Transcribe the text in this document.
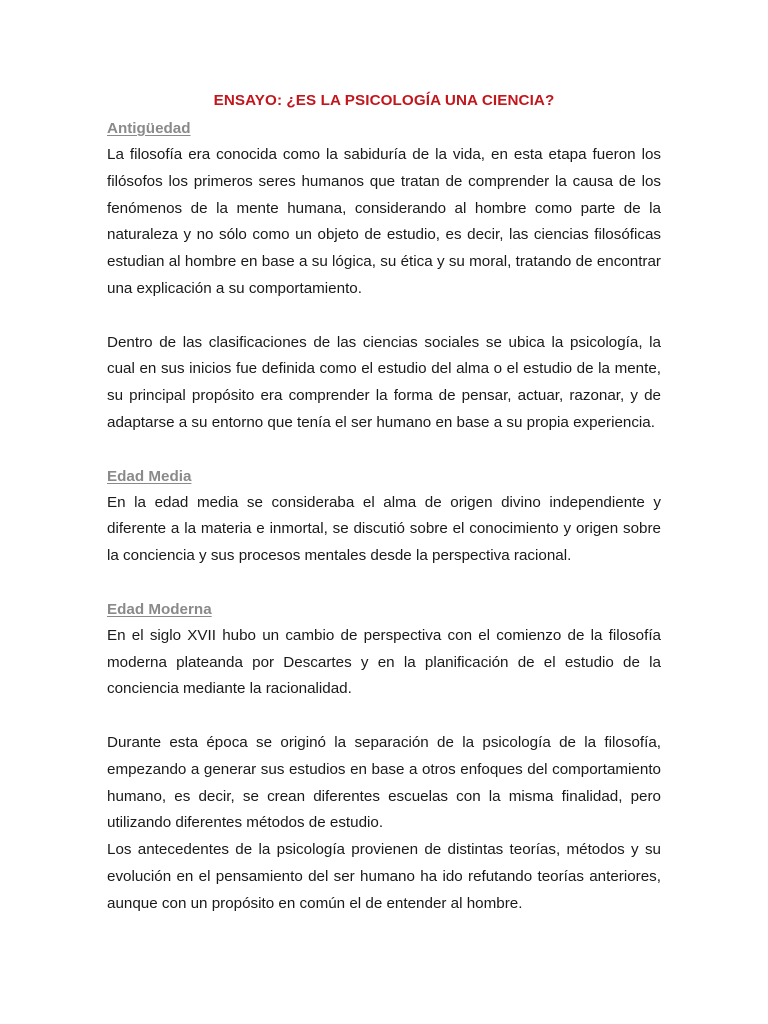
ENSAYO: ¿ES LA PSICOLOGÍA UNA CIENCIA?

Antigüedad

La filosofía era conocida como la sabiduría de la vida, en esta etapa fueron los filósofos los primeros seres humanos que tratan de comprender la causa de los fenómenos de la mente humana, considerando al hombre como parte de la naturaleza y no sólo como un objeto de estudio, es decir, las ciencias filosóficas estudian al hombre en base a su lógica, su ética y su moral, tratando de encontrar una explicación a su comportamiento.

Dentro de las clasificaciones de las ciencias sociales se ubica la psicología, la cual en sus inicios fue definida como el estudio del alma o el estudio de la mente, su principal propósito era comprender la forma de pensar, actuar, razonar, y de adaptarse a su entorno que tenía el ser humano en base a su propia experiencia.

Edad Media

En la edad media se consideraba el alma de origen divino independiente y diferente a la materia e inmortal, se discutió sobre el conocimiento y origen sobre la conciencia y sus procesos mentales desde la perspectiva racional.

Edad Moderna

En el siglo XVII hubo un cambio de perspectiva con el comienzo de la filosofía moderna plateanda por Descartes y en la planificación de el estudio de la conciencia mediante la racionalidad.

Durante esta época se originó la separación de la psicología de la filosofía, empezando a generar sus estudios en base a otros enfoques del comportamiento humano, es decir, se crean diferentes escuelas con la misma finalidad, pero utilizando diferentes métodos de estudio.

Los antecedentes de la psicología provienen de distintas teorías, métodos y su evolución en el pensamiento del ser humano ha ido refutando teorías anteriores, aunque con un propósito en común el de entender al hombre.
